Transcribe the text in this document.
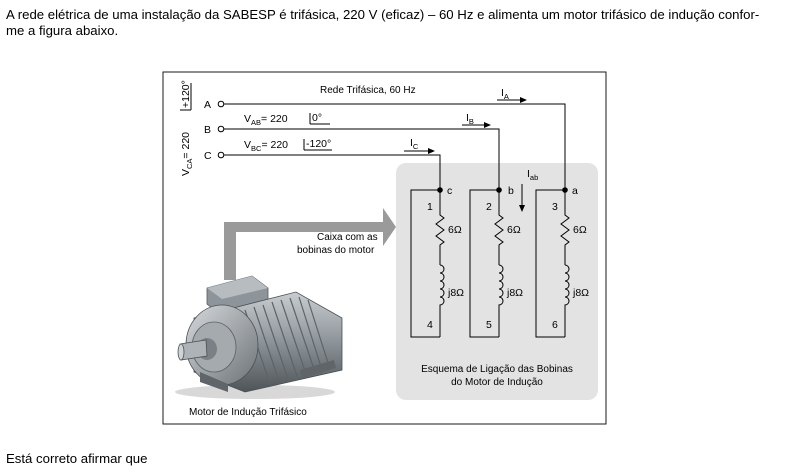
A rede elétrica de uma instalação da SABESP é trifásica, 220 V (eficaz) – 60 Hz e alimenta um motor trifásico de indução confor-
me a figura abaixo.
Rede Trifásica, 60 Hz
$V_{CA}= 220$
+120° A
B
C
$I_A$
$I_B$
$I_C$
$I_{ab}$
$V_{AB}= 220$ 0°
$V_{BC}= 220$ -120°
c	b	a
1	2	3
4	5	6
6Ω	6Ω	6Ω
j8Ω	j8Ω	j8Ω
Caixa com as
bobinas do motor
Esquema de Ligação das Bobinas
do Motor de Indução
Motor de Indução Trifásico
Está correto afirmar que
